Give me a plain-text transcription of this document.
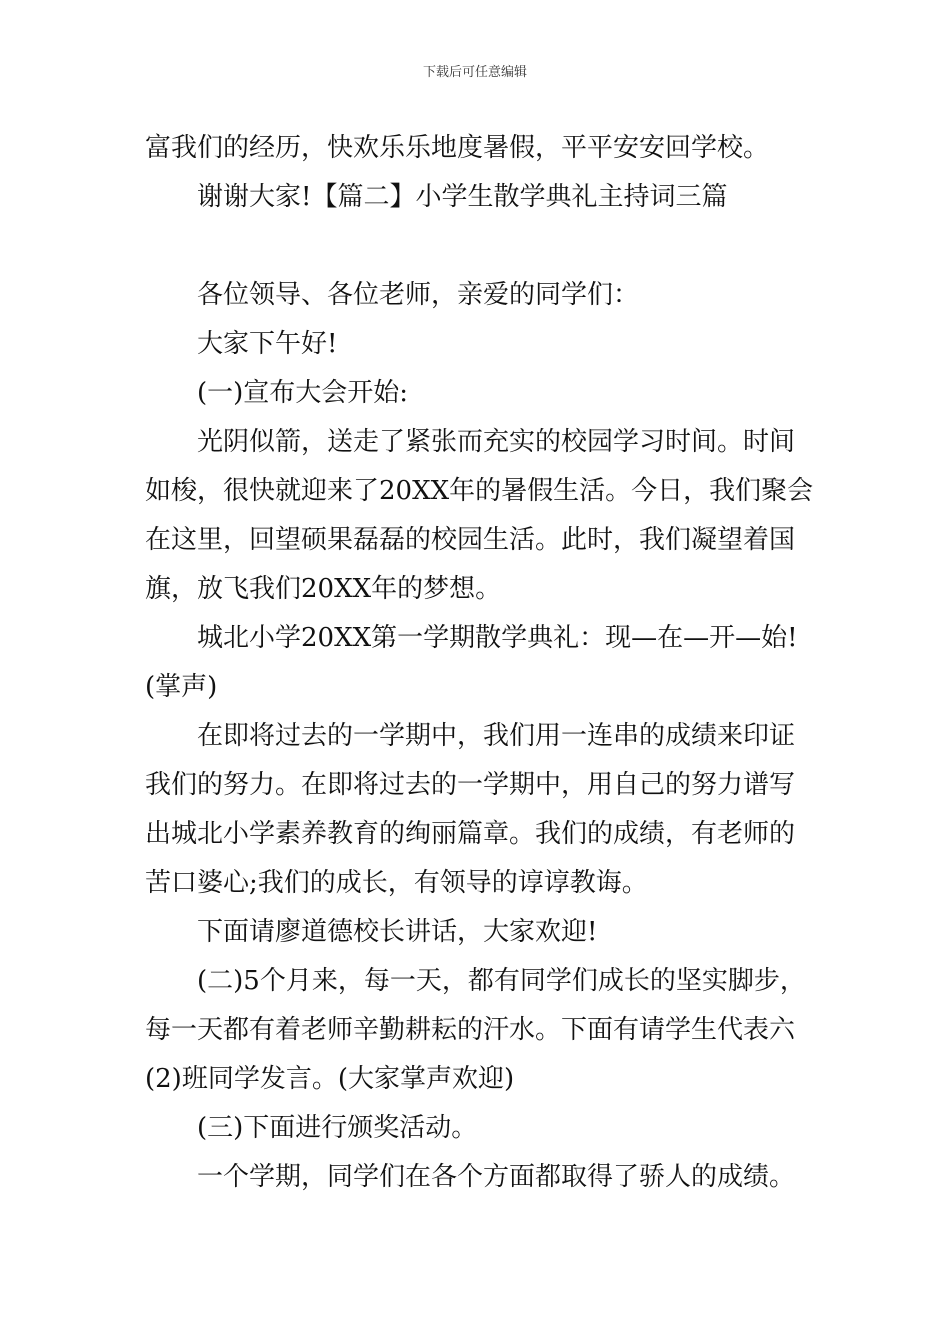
下载后可任意编辑
富我们的经历，快欢乐乐地度暑假，平平安安回学校。
谢谢大家!【篇二】小学生散学典礼主持词三篇
各位领导、各位老师，亲爱的同学们：
大家下午好!
(一)宣布大会开始:
光阴似箭，送走了紧张而充实的校园学习时间。时间
如梭，很快就迎来了20XX年的暑假生活。今日，我们聚会
在这里，回望硕果磊磊的校园生活。此时，我们凝望着国
旗，放飞我们20XX年的梦想。
城北小学20XX第一学期散学典礼：现—在—开—始!
(掌声)
在即将过去的一学期中，我们用一连串的成绩来印证
我们的努力。在即将过去的一学期中，用自己的努力谱写
出城北小学素养教育的绚丽篇章。我们的成绩，有老师的
苦口婆心;我们的成长，有领导的谆谆教诲。
下面请廖道德校长讲话，大家欢迎!
(二)5个月来，每一天，都有同学们成长的坚实脚步，
每一天都有着老师辛勤耕耘的汗水。下面有请学生代表六
(2)班同学发言。(大家掌声欢迎)
(三)下面进行颁奖活动。
一个学期，同学们在各个方面都取得了骄人的成绩。
